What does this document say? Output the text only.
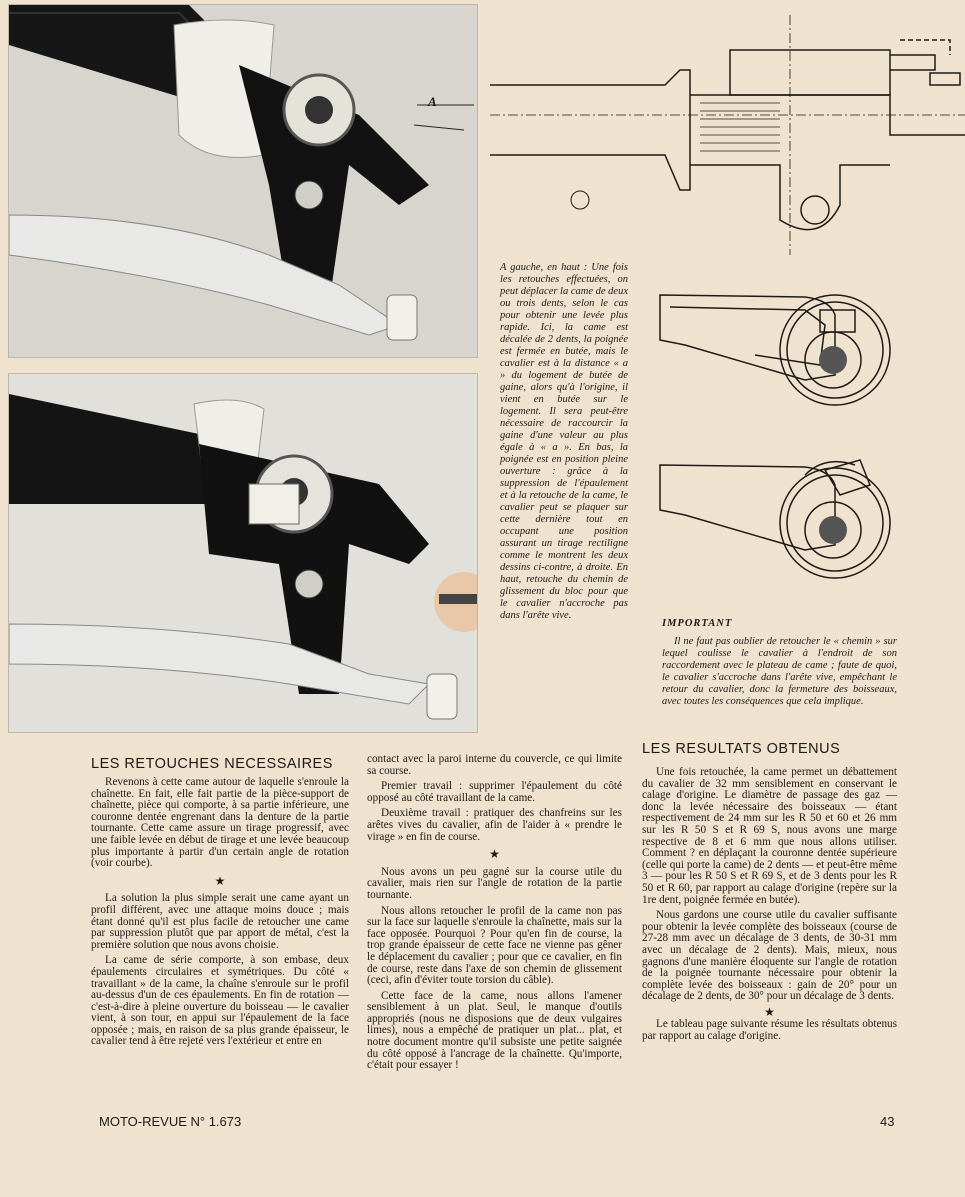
A

A gauche, en haut : Une fois les retouches effectuées, on peut déplacer la came de deux ou trois dents, selon le cas pour obtenir une levée plus rapide. Ici, la came est décalée de 2 dents, la poignée est fermée en butée, mais le cavalier est à la distance « a » du logement de butée de gaine, alors qu'à l'origine, il vient en butée sur le logement. Il sera peut-être nécessaire de raccourcir la gaine d'une valeur au plus égale à « a ». En bas, la poignée est en position pleine ouverture : grâce à la suppression de l'épaulement et à la retouche de la came, le cavalier peut se plaquer sur cette dernière tout en occupant une position assurant un tirage rectiligne comme le montrent les deux dessins ci-contre, à droite. En haut, retouche du chemin de glissement du bloc pour que le cavalier n'accroche pas dans l'arête vive.

IMPORTANT

Il ne faut pas oublier de retoucher le « chemin » sur lequel coulisse le cavalier à l'endroit de son raccordement avec le plateau de came ; faute de quoi, le cavalier s'accroche dans l'arête vive, empêchant le retour du cavalier, donc la fermeture des boisseaux, avec toutes les conséquences que cela implique.

LES RETOUCHES NECESSAIRES
LES RESULTATS OBTENUS

Revenons à cette came autour de laquelle s'enroule la chaînette. En fait, elle fait partie de la pièce-support de chaînette, pièce qui comporte, à sa partie inférieure, une couronne dentée engrenant dans la denture de la partie tournante. Cette came assure un tirage progressif, avec une faible levée en début de tirage et une levée beaucoup plus importante à partir d'un certain angle de rotation (voir courbe).

★

La solution la plus simple serait une came ayant un profil différent, avec une attaque moins douce ; mais étant donné qu'il est plus facile de retoucher une came par suppression plutôt que par apport de métal, c'est la première solution que nous avons choisie.

La came de série comporte, à son embase, deux épaulements circulaires et symétriques. Du côté « travaillant » de la came, la chaîne s'enroule sur le profil au-dessus d'un de ces épaulements. En fin de rotation — c'est-à-dire à pleine ouverture du boisseau — le cavalier vient, à son tour, en appui sur l'épaulement de la face opposée ; mais, en raison de sa plus grande épaisseur, le cavalier tend à être rejeté vers l'extérieur et entre en

contact avec la paroi interne du couvercle, ce qui limite sa course.

Premier travail : supprimer l'épaulement du côté opposé au côté travaillant de la came.

Deuxième travail : pratiquer des chanfreins sur les arêtes vives du cavalier, afin de l'aider à « prendre le virage » en fin de course.

★

Nous avons un peu gagné sur la course utile du cavalier, mais rien sur l'angle de rotation de la partie tournante.

Nous allons retoucher le profil de la came non pas sur la face sur laquelle s'enroule la chaînette, mais sur la face opposée. Pourquoi ? Pour qu'en fin de course, la trop grande épaisseur de cette face ne vienne pas gêner le déplacement du cavalier ; pour que ce cavalier, en fin de course, reste dans l'axe de son chemin de glissement (ceci, afin d'éviter toute torsion du câble).

Cette face de la came, nous allons l'amener sensiblement à un plat. Seul, le manque d'outils appropriés (nous ne disposions que de deux vulgaires limes), nous a empêché de pratiquer un plat... plat, et notre document montre qu'il subsiste une petite saignée du côté opposé à l'ancrage de la chaînette. Qu'importe, c'était pour essayer !

Une fois retouchée, la came permet un débattement du cavalier de 32 mm sensiblement en conservant le calage d'origine. Le diamètre de passage des gaz — donc la levée nécessaire des boisseaux — étant respectivement de 24 mm sur les R 50 et 60 et 26 mm sur les R 50 S et R 69 S, nous avons une marge respective de 8 et 6 mm que nous allons utiliser. Comment ? en déplaçant la couronne dentée supérieure (celle qui porte la came) de 2 dents — et peut-être même 3 — pour les R 50 S et R 69 S, et de 3 dents pour les R 50 et R 60, par rapport au calage d'origine (repère sur la 1re dent, poignée fermée en butée).

Nous gardons une course utile du cavalier suffisante pour obtenir la levée complète des boisseaux (course de 27-28 mm avec un décalage de 3 dents, de 30-31 mm avec un décalage de 2 dents). Mais, mieux, nous gagnons d'une manière éloquente sur l'angle de rotation de la poignée tournante nécessaire pour obtenir la complète levée des boisseaux : gain de 20° pour un décalage de 2 dents, de 30° pour un décalage de 3 dents.

★

Le tableau page suivante résume les résultats obtenus par rapport au calage d'origine.

MOTO-REVUE N° 1.673	43
